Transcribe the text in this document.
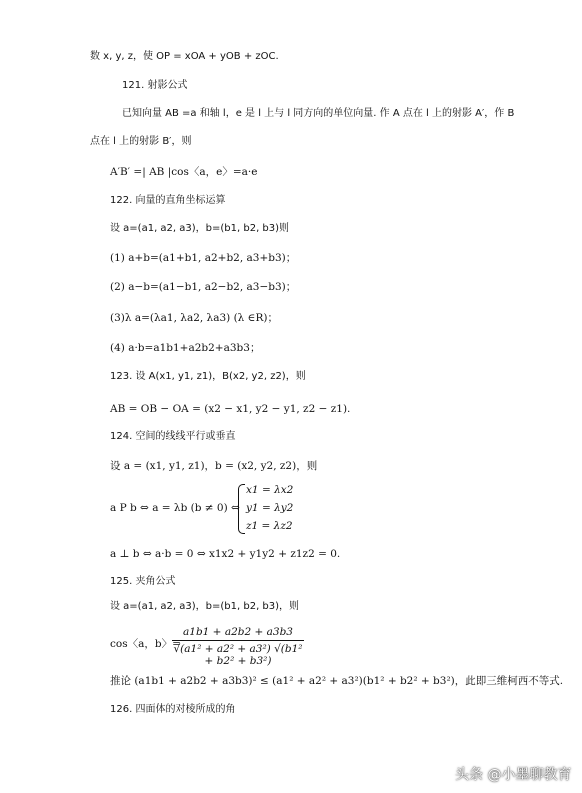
数 x, y, z，使 OP = xOA + yOB + zOC.
121. 射影公式
已知向量 AB =a 和轴 l，e 是 l 上与 l 同方向的单位向量. 作 A 点在 l 上的射影 A′，作 B
点在 l 上的射影 B′，则
A′B′ =| AB |cos〈a，e〉=a·e
122. 向量的直角坐标运算
设 a=(a1, a2, a3)，b=(b1, b2, b3)则
(1) a+b=(a1+b1, a2+b2, a3+b3)；
(2) a−b=(a1−b1, a2−b2, a3−b3)；
(3)λ a=(λa1, λa2, λa3) (λ ∈R)；
(4) a·b=a1b1+a2b2+a3b3；
123. 设 A(x1, y1, z1)，B(x2, y2, z2)，则
AB = OB − OA = (x2 − x1, y2 − y1, z2 − z1).
124. 空间的线线平行或垂直
设 a = (x1, y1, z1)，b = (x2, y2, z2)，则
a P b ⇔ a = λb (b ≠ 0) ⇔
x1 = λx2
y1 = λy2
z1 = λz2
a ⊥ b ⇔ a·b = 0 ⇔ x1x2 + y1y2 + z1z2 = 0.
125. 夹角公式
设 a=(a1, a2, a3)，b=(b1, b2, b3)，则
cos〈a，b〉=
$\frac{a1b1 + a2b2 + a3b3}{\text{√(a1² + a2² + a3²) √(b1² + b2² + b3²)}}$
推论 (a1b1 + a2b2 + a3b3)² ≤ (a1² + a2² + a3²)(b1² + b2² + b3²)，此即三维柯西不等式.
126. 四面体的对棱所成的角
头条 @小墨聊教育
